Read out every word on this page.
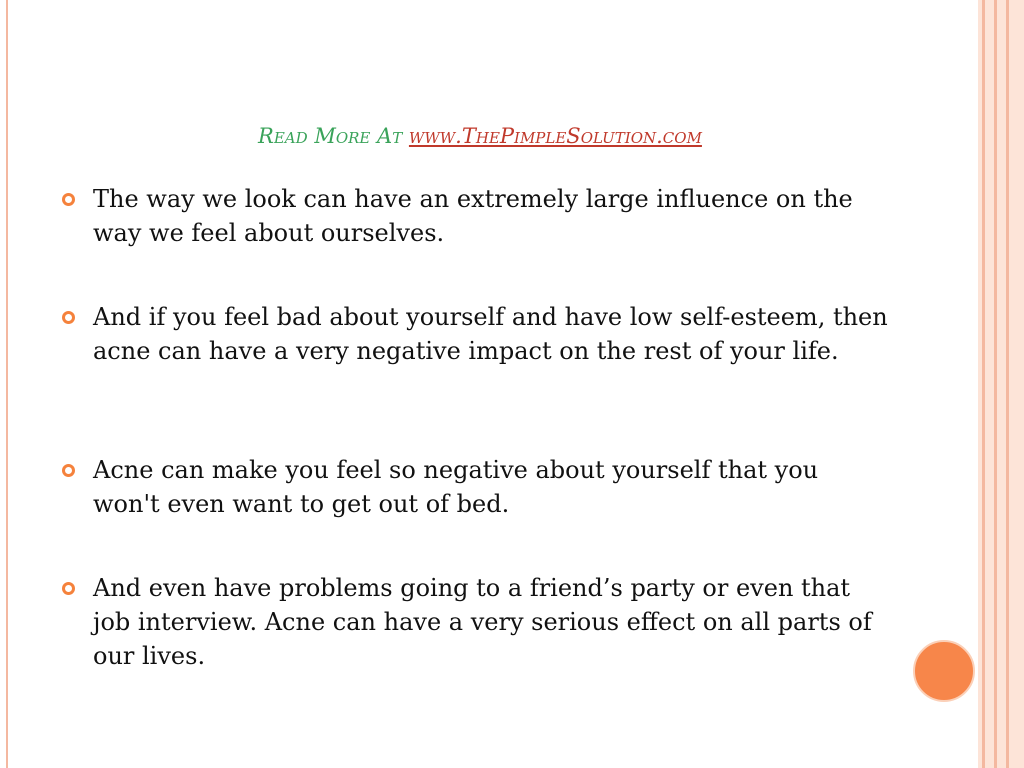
Read More At www.ThePimpleSolution.com
The way we look can have an extremely large influence on the way we feel about ourselves.
And if you feel bad about yourself and have low self-esteem, then acne can have a very negative impact on the rest of your life.
Acne can make you feel so negative about yourself that you won't even want to get out of bed.
And even have problems going to a friend’s party or even that job interview. Acne can have a very serious effect on all parts of our lives.
